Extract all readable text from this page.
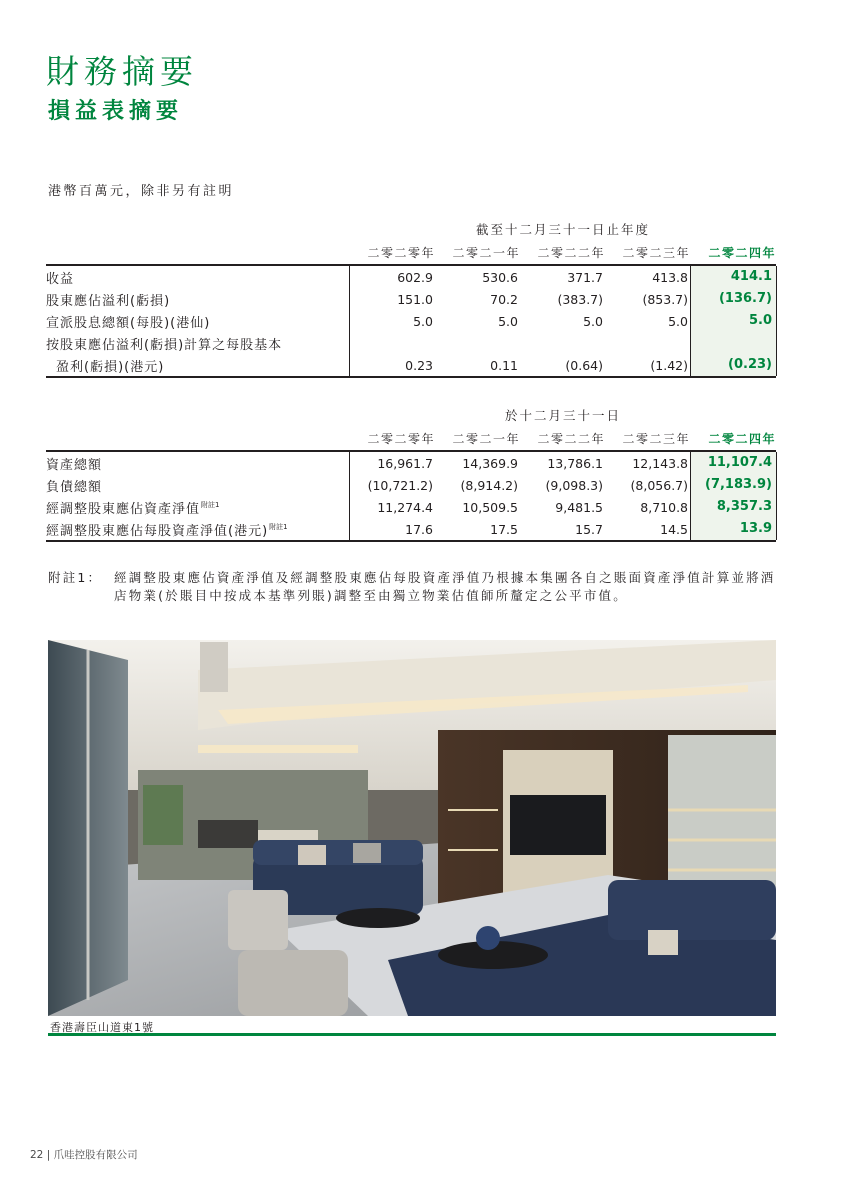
財務摘要
損益表摘要
港幣百萬元，除非另有註明
截至十二月三十一日止年度
二零二零年	二零二一年	二零二二年	二零二三年	二零二四年
收益	602.9	530.6	371.7	413.8	414.1
股東應佔溢利(虧損)	151.0	70.2	(383.7)	(853.7)	(136.7)
宣派股息總額(每股)(港仙)	5.0	5.0	5.0	5.0	5.0
按股東應佔溢利(虧損)計算之每股基本
盈利(虧損)(港元)	0.23	0.11	(0.64)	(1.42)	(0.23)
於十二月三十一日
二零二零年	二零二一年	二零二二年	二零二三年	二零二四年
資產總額	16,961.7	14,369.9	13,786.1	12,143.8	11,107.4
負債總額	(10,721.2)	(8,914.2)	(9,098.3)	(8,056.7)	(7,183.9)
經調整股東應佔資產淨值$^{附註1}$	11,274.4	10,509.5	9,481.5	8,710.8	8,357.3
經調整股東應佔每股資產淨值(港元)$^{附註1}$	17.6	17.5	15.7	14.5	13.9
附註1： 經調整股東應佔資產淨值及經調整股東應佔每股資產淨值乃根據本集團各自之賬面資產淨值計算並將酒店物業(於賬目中按成本基準列賬)調整至由獨立物業估值師所釐定之公平市值。
香港壽臣山道東1號
22 | 爪哇控股有限公司
